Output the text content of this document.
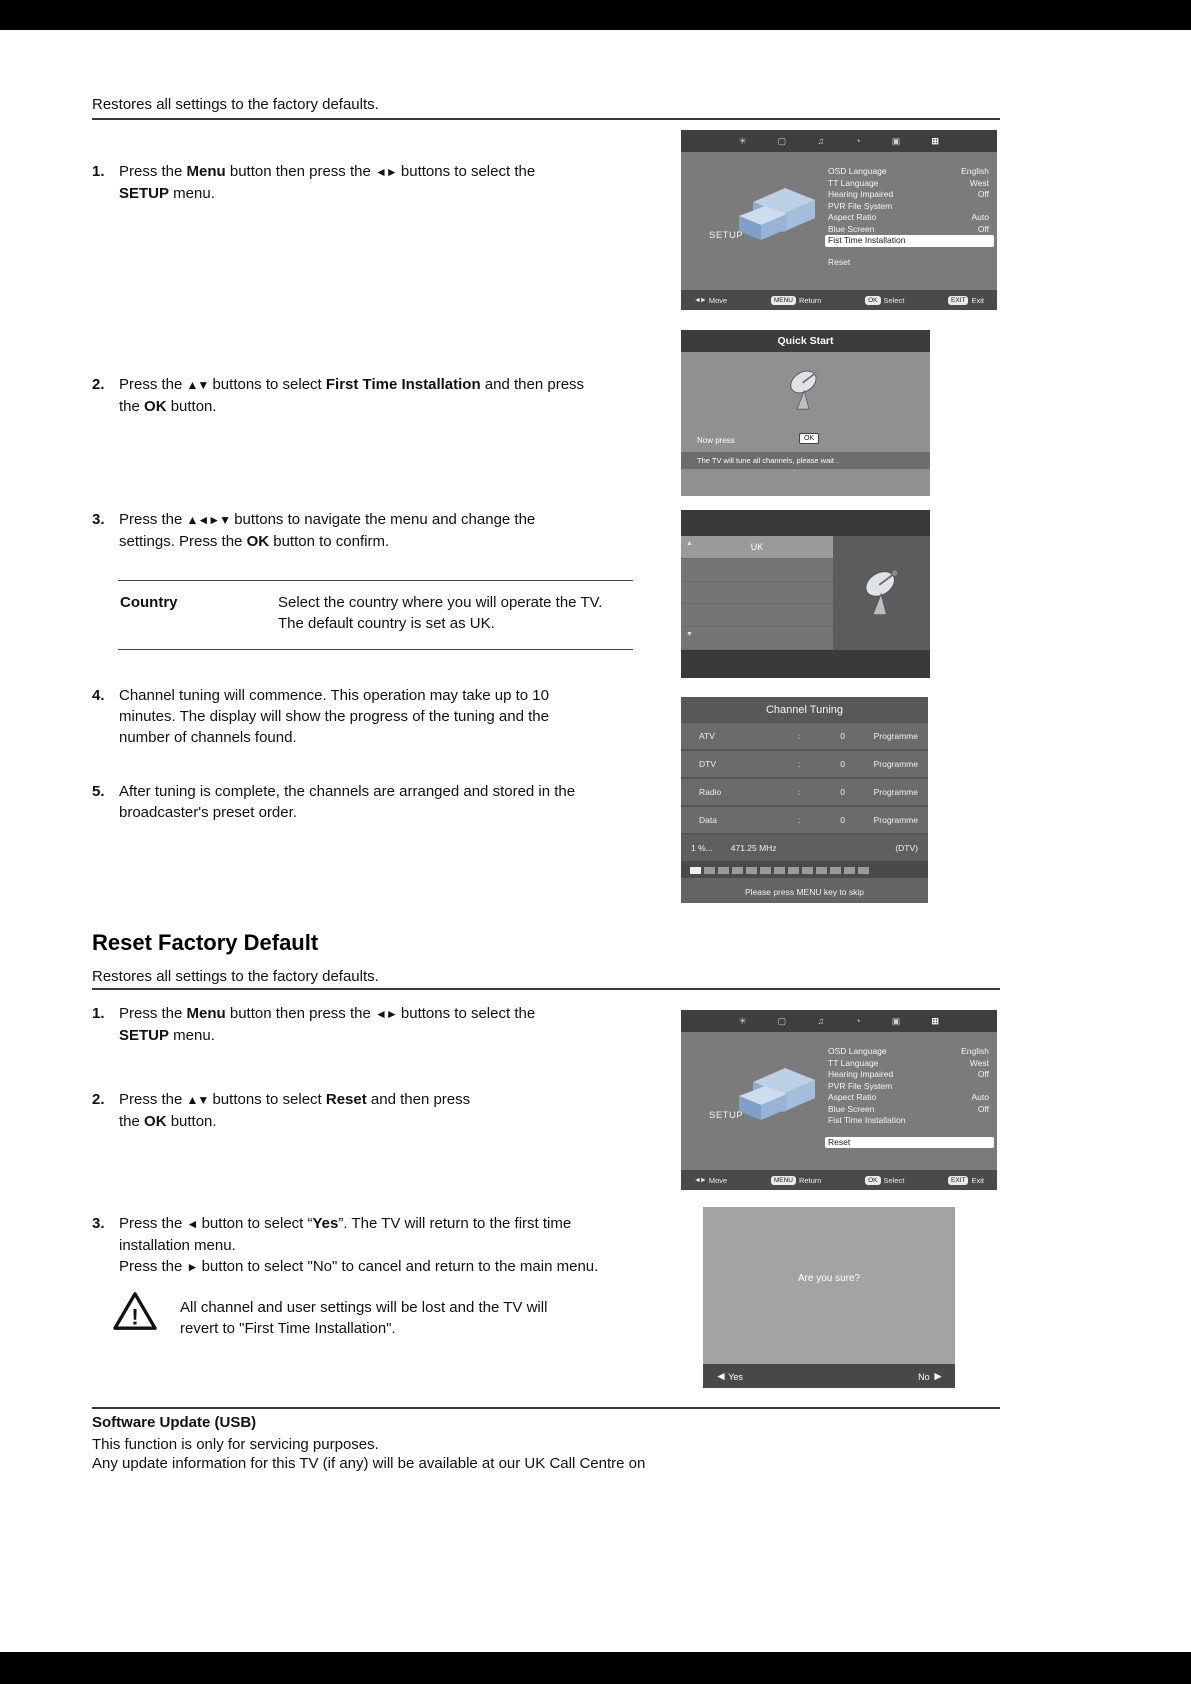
Restores all settings to the factory defaults.
1. Press the Menu button then press the ◄► buttons to select the
SETUP menu.
✳	▢	♫	◔	▣	⊞
SETUP
OSD Language	English
TT Language	West
Hearing Impaired	Off
PVR File System
Aspect Ratio	Auto
Blue Screen	Off
Fist Time Installation
Reset
◄► Move	MENU Return	OK Select	EXIT Exit
2. Press the ▲▼ buttons to select First Time Installation and then press
the OK button.
Quick Start
Now press	OK
The TV will tune all channels, please wait .
3. Press the ▲◄►▼ buttons to navigate the menu and change the
settings. Press the OK button to confirm.	UK
▲
▼
Country	Select the country where you will operate the TV.
The default country is set as UK.
4. Channel tuning will commence. This operation may take up to 10
minutes. The display will show the progress of the tuning and the
number of channels found.
Channel Tuning
ATV	:	0	Programme
DTV	:	0	Programme
Radio	:	0	Programme
Data	:	0	Programme
1 %... 471.25 MHz	(DTV)
Please press MENU key to skip
5. After tuning is complete, the channels are arranged and stored in the
broadcaster's preset order.
Reset Factory Default
Restores all settings to the factory defaults.
1. Press the Menu button then press the ◄► buttons to select the
SETUP menu.
✳	▢	♫	◔	▣	⊞
SETUP
OSD Language	English
TT Language	West
Hearing Impaired	Off
PVR File System
Aspect Ratio	Auto
Blue Screen	Off
Fist Time Installation
Reset
◄► Move	MENU Return	OK Select	EXIT Exit
2. Press the ▲▼ buttons to select Reset and then press
the OK button.
3. Press the ◄ button to select “Yes”. The TV will return to the first time
installation menu.
Press the ► button to select "No" to cancel and return to the main menu.
!	All channel and user settings will be lost and the TV will
revert to "First Time Installation".
Are you sure?
◄ Yes	No ►
Software Update (USB)
This function is only for servicing purposes.
Any update information for this TV (if any) will be available at our UK Call Centre on
